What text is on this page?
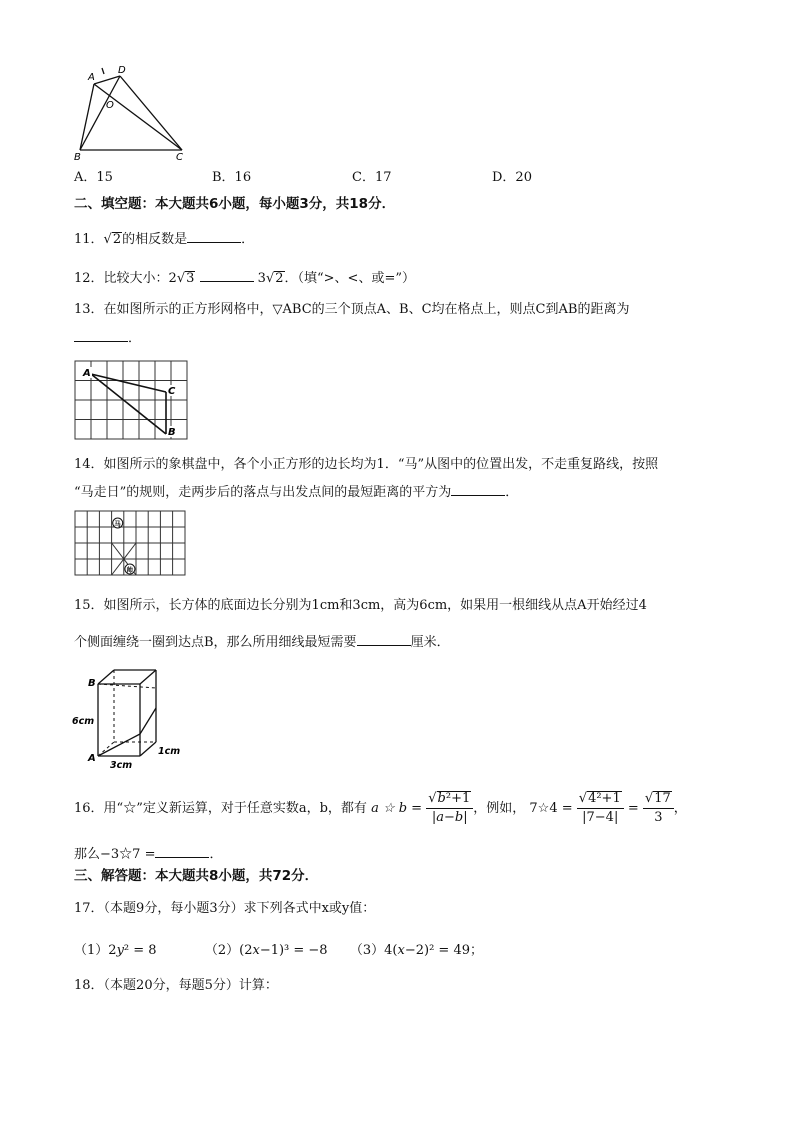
A
D
O
B	C
A．15	B．16	C．17	D．20
二、填空题：本大题共6小题，每小题3分，共18分．
11．√2的相反数是	．
12．比较大小：2√3	3√2．（填“>、<、或=”）
13．在如图所示的正方形网格中，▽ABC的三个顶点A、B、C均在格点上，则点C到AB的距离为
．
A
C
B
14．如图所示的象棋盘中，各个小正方形的边长均为1．“马”从图中的位置出发，不走重复路线，按照
“马走日”的规则，走两步后的落点与出发点间的最短距离的平方为	．
马
帅
15．如图所示，长方体的底面边长分别为1cm和3cm，高为6cm，如果用一根细线从点A开始经过4
个侧面缠绕一圈到达点B，那么所用细线最短需要	厘米．
B
A
6cm
3cm
1cm
16．用“☆”定义新运算，对于任意实数a，b，都有 a ☆ $b = \frac{\text{√b²+1}}{|a-b|}$ ，例如， 7☆4 = $\frac{\text{√4²+1}}{|7-4|} = \frac{√17}{3}$ ，
那么−3☆7 =	．
三、解答题：本大题共8小题，共72分．
17．（本题9分，每小题3分）求下列各式中x或y值：
（1）2y² = 8	（2）(2x−1)³ = −8 （3）4(x−2)² = 49；
18．（本题20分，每题5分）计算：
